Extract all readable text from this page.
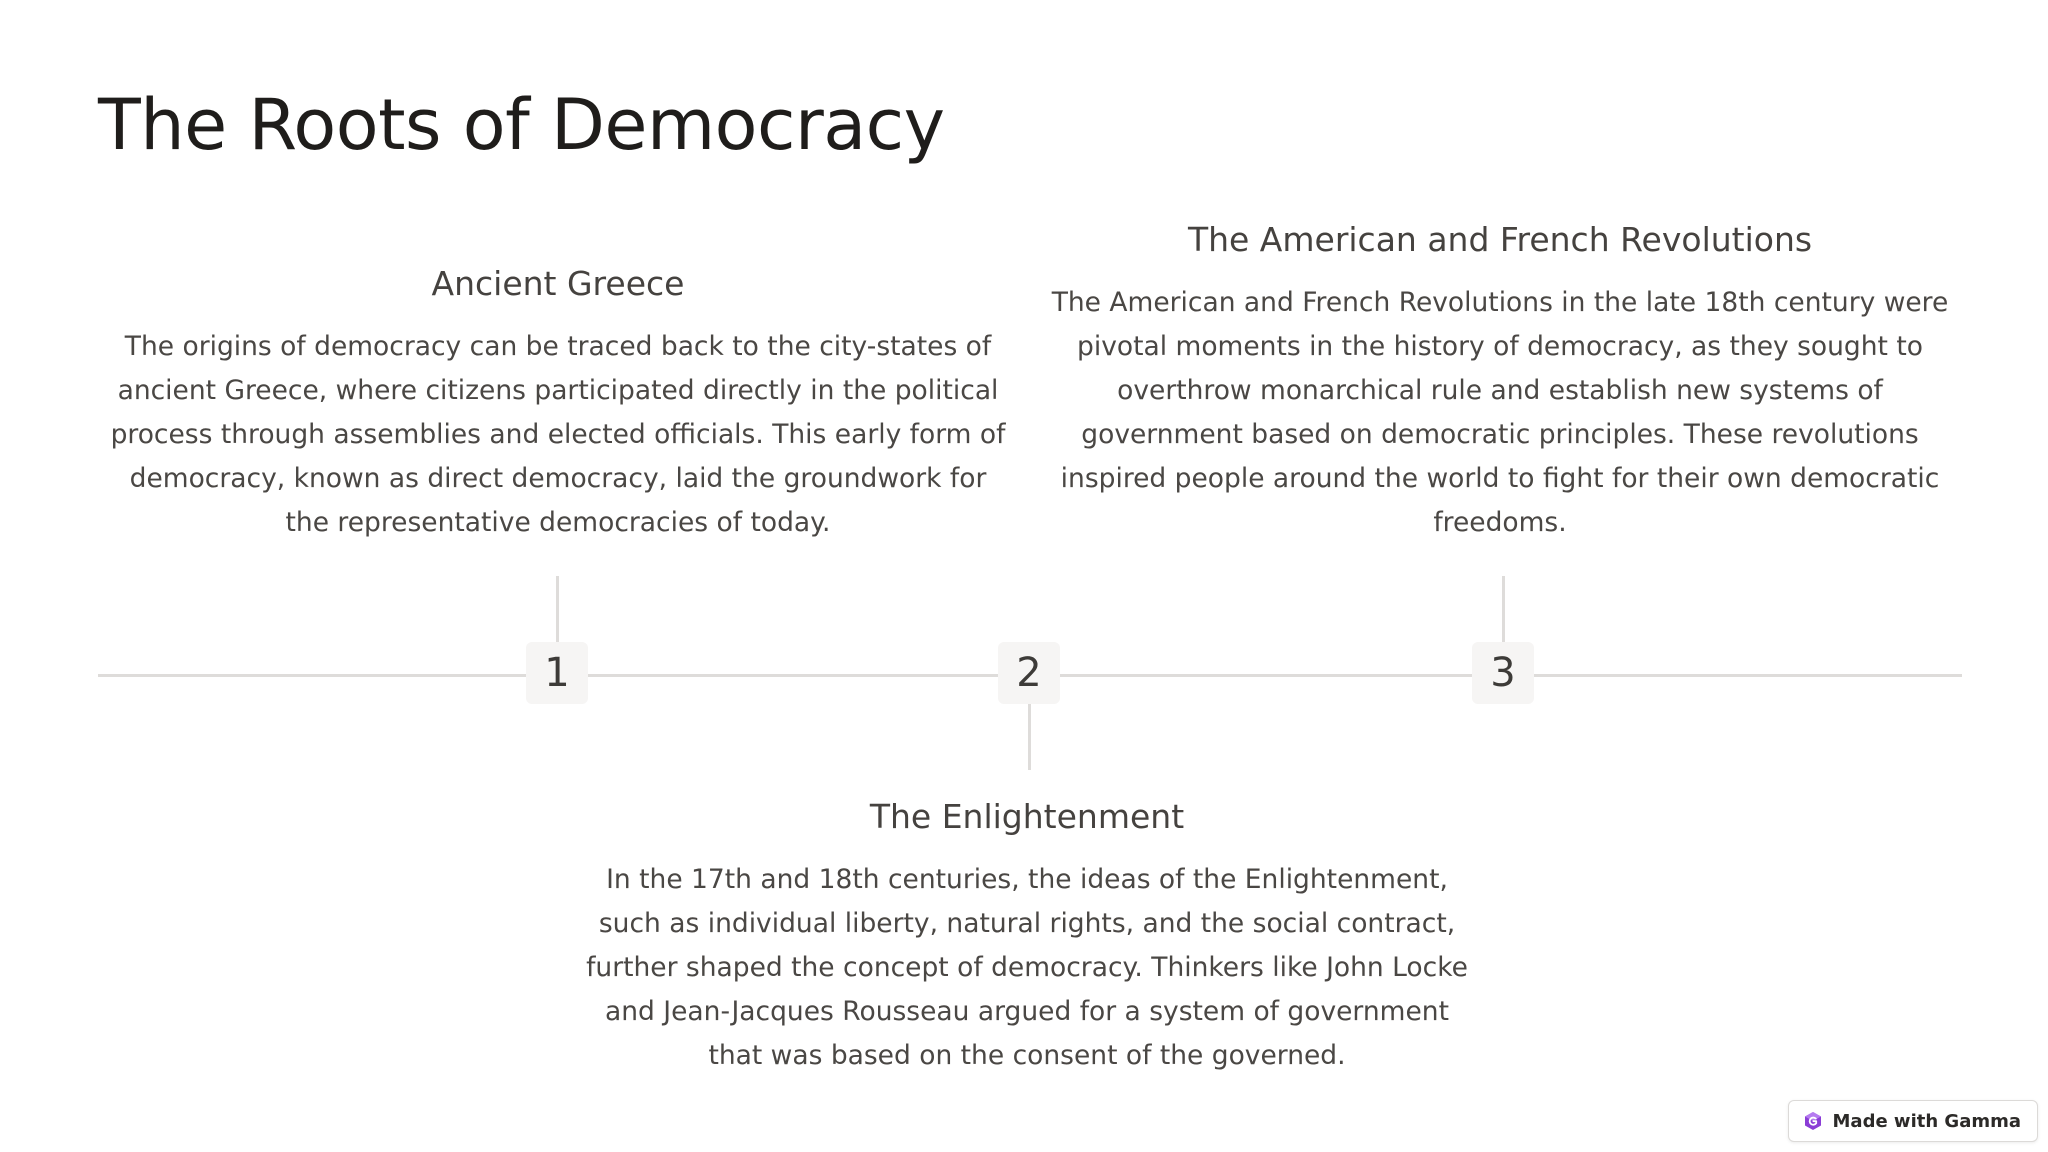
The Roots of Democracy
Ancient Greece

The origins of democracy can be traced back to the city-states of ancient Greece, where citizens participated directly in the political process through assemblies and elected officials. This early form of democracy, known as direct democracy, laid the groundwork for the representative democracies of today.

The American and French Revolutions

The American and French Revolutions in the late 18th century were pivotal moments in the history of democracy, as they sought to overthrow monarchical rule and establish new systems of government based on democratic principles. These revolutions inspired people around the world to fight for their own democratic freedoms.

1	2	3
The Enlightenment

In the 17th and 18th centuries, the ideas of the Enlightenment, such as individual liberty, natural rights, and the social contract, further shaped the concept of democracy. Thinkers like John Locke and Jean-Jacques Rousseau argued for a system of government that was based on the consent of the governed.

Made with Gamma
